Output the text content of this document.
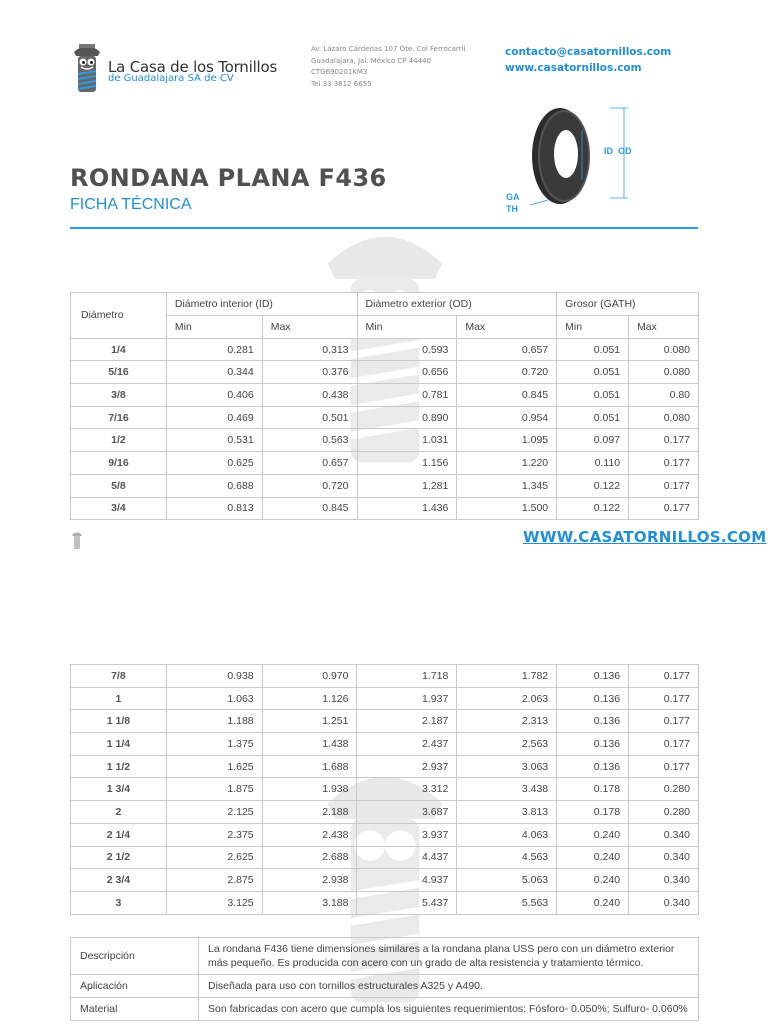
La Casa de los Tornillos
de Guadalajara SA de CV
Av. Lázaro Cárdenas 107 Ote. Col Ferrocarril
Guadalajara, Jal. México CP 44440
CTG690201KM3
Tel 33 3812 6655
contacto@casatornillos.com
www.casatornillos.com
RONDANA PLANA F436
FICHA TÉCNICA
ID OD
GA
TH
Diámetro	Diámetro interior (ID)		Diámetro exterior (OD)		Grosor (GATH)	
	Min	Max	Min	Max	Min	Max
1/4	0.281	0.313	0.593	0.657	0.051	0.080
5/16	0.344	0.376	0.656	0.720	0.051	0.080
3/8	0.406	0.438	0.781	0.845	0.051	0.80
7/16	0.469	0.501	0.890	0.954	0.051	0.080
1/2	0.531	0.563	1.031	1.095	0.097	0.177
9/16	0.625	0.657	1.156	1.220	0.110	0.177
5/8	0.688	0.720	1.281	1.345	0.122	0.177
3/4	0.813	0.845	1.436	1.500	0.122	0.177
WWW.CASATORNILLOS.COM
7/8	0.938	0.970	1.718	1.782	0.136	0.177
1	1.063	1.126	1.937	2.063	0.136	0.177
1 1/8	1.188	1.251	2.187	2.313	0.136	0.177
1 1/4	1.375	1.438	2.437	2.563	0.136	0.177
1 1/2	1.625	1.688	2.937	3.063	0.136	0.177
1 3/4	1.875	1.938	3.312	3.438	0.178	0.280
2	2.125	2.188	3.687	3.813	0.178	0.280
2 1/4	2.375	2.438	3.937	4.063	0.240	0.340
2 1/2	2.625	2.688	4.437	4.563	0.240	0.340
2 3/4	2.875	2.938	4.937	5.063	0.240	0.340
3	3.125	3.188	5.437	5.563	0.240	0.340
Descripción	La rondana F436 tiene dimensiones similares a la rondana plana USS pero con un diámetro exterior más pequeño. Es producida con acero con un grado de alta resistencia y tratamiento térmico.
Aplicación	Diseñada para uso con tornillos estructurales A325 y A490.
Material	Son fabricadas con acero que cumpla los siguientes requerimientos: Fósforo- 0.050%; Sulfuro- 0.060%
